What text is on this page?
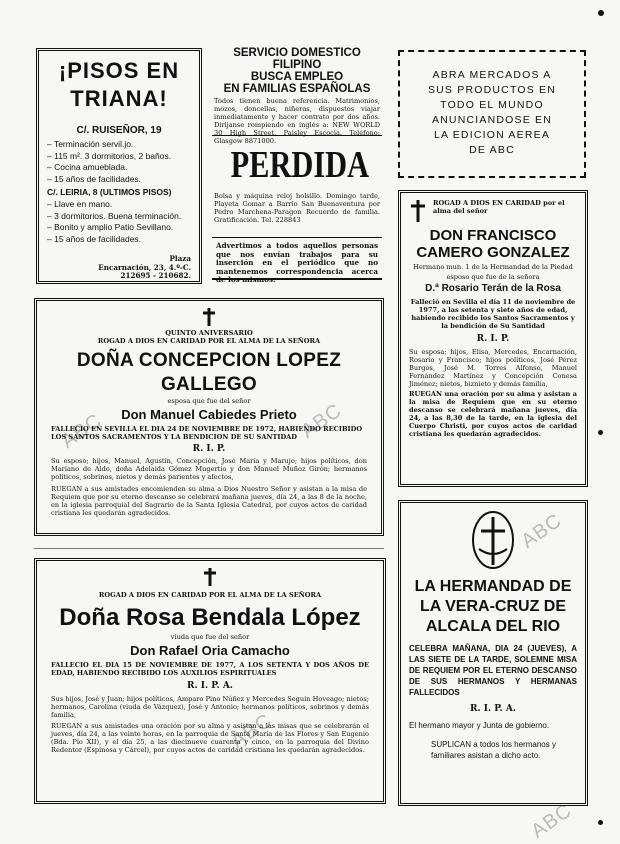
ABC	ABC
ABC
ABC
ABC
¡PISOS EN TRIANA!
C/. RUISEÑOR, 19
– Terminación servil.jo.
– 115 m². 3 dormitorios, 2 baños.
– Cocina amueblada.
– 15 años de facilidades.
C/. LEIRIA, 8 (ULTIMOS PISOS)
– Llave en mano.
– 3 dormitorios. Buena terminación.
– Bonito y amplio Patio Sevillano.
– 15 años de facilidades.
Plaza
Encarnación, 23, 4.º-C.
212695 - 210682.
SERVICIO DOMESTICO FILIPINO
BUSCA EMPLEO
EN FAMILIAS ESPAÑOLAS

Todos tienen buena referencia. Matrimonios, mozos, doncellas, niñeras, dispuestos viajar inmediatamente y hacer contrato por dos años. Diríjanse rompiendo en inglés a: NEW WORLD 30 High Street, Paisley Escocia. Teléfono: Glasgow 8871000.

PERDIDA

Bolsa y máquina reloj bolsillo. Domingo tarde, Playeta Gomar a Barrio San Buenaventura por Pedro Marchena-Paragon Recuerdo de familia. Gratificación. Tel. 228843

Advertimos a todos aquellos personas que nos envían trabajos para su inserción en el periódico que no mantenemos correspondencia acerca de los mismos.

ABRA MERCADOS A
SUS PRODUCTOS EN
TODO EL MUNDO
ANUNCIANDOSE EN
LA EDICION AEREA
DE ABC
ROGAD A DIOS EN CARIDAD por el alma del señor
DON FRANCISCO CAMERO GONZALEZ
Hermano mun. 1 de la Hermandad de la Piedad
esposo que fue de la señora
D.ª Rosario Terán de la Rosa

Falleció en Sevilla el día 11 de noviembre de 1977, a las setenta y siete años de edad, habiendo recibido los Santos Sacramentos y la bendición de Su Santidad

R. I. P.

Su esposa; hijos, Elisa, Mercedes, Encarnación, Rosario y Francisco; hijos políticos, José Pérez Burgos, José M. Torres Alfonso, Manuel Fernández Martínez y Concepción Conesa Jiménez; nietos, biznieto y demás familia,

RUEGAN una oración por su alma y asistan a la misa de Requiem que en su eterno descanso se celebrará mañana jueves, día 24, a las 8,30 de la tarde, en la iglesia del Cuerpo Christi, por cuyos actos de caridad cristiana les quedarán agradecidos.

QUINTO ANIVERSARIO
ROGAD A DIOS EN CARIDAD POR EL ALMA DE LA SEÑORA
DOÑA CONCEPCION LOPEZ GALLEGO
esposa que fue del señor
Don Manuel Cabiedes Prieto

FALLECIO EN SEVILLA EL DIA 24 DE NOVIEMBRE DE 1972, HABIENDO RECIBIDO LOS SANTOS SACRAMENTOS Y LA BENDICION DE SU SANTIDAD

R. I. P.

Su esposo; hijos, Manuel, Agustín, Concepción, José María y Marujo; hijos políticos, don Mariano de Aldo, doña Adelaida Gómez Mugertio y don Manuel Muñoz Girón; hermanos políticos, sobrinos, nietos y demás parientes y afectos,

RUEGAN a sus amistades encomienden su alma a Dios Nuestro Señor y asistan a la misa de Requiem que por su eterno descanso se celebrará mañana jueves, día 24, a las 8 de la noche, en la iglesia parroquial del Sagrario de la Santa Iglesia Catedral, por cuyos actos de caridad cristiana les quedarán agradecidos.

ROGAD A DIOS EN CARIDAD POR EL ALMA DE LA SEÑORA
Doña Rosa Bendala López
viuda que fue del señor
Don Rafael Oria Camacho

FALLECIO EL DIA 15 DE NOVIEMBRE DE 1977, A LOS SETENTA Y DOS AÑOS DE EDAD, HABIENDO RECIBIDO LOS AUXILIOS ESPIRITUALES

R. I. P. A.

Sus hijos, José y Juan; hijos políticos, Amparo Pino Núñez y Mercedes Seguin Hoveago; nietos; hermanos, Carolina (viuda de Vázquez), José y Antonio; hermanos políticos, sobrinos y demás familia,

RUEGAN a sus amistades una oración por su alma y asistan a las misas que se celebrarán el jueves, día 24, a las veinte horas, en la parroquia de Santa María de las Flores y San Eugenio (Bda. Pío XII), y el día 25, a las diecinueve cuarenta y cinco, en la parroquia del Divino Redentor (Espinosa y Cárcel), por cuyos actos de caridad cristiana les quedarán agradecidos.

LA HERMANDAD DE LA VERA-CRUZ DE ALCALA DEL RIO

CELEBRA MAÑANA, DIA 24 (JUEVES), A LAS SIETE DE LA TARDE, SOLEMNE MISA DE REQUIEM POR EL ETERNO DESCANSO DE SUS HERMANOS Y HERMANAS FALLECIDOS

R. I. P. A.

El hermano mayor y Junta de gobierno.

SUPLICAN a todos los hermanos y familiares asistan a dicho acto.
